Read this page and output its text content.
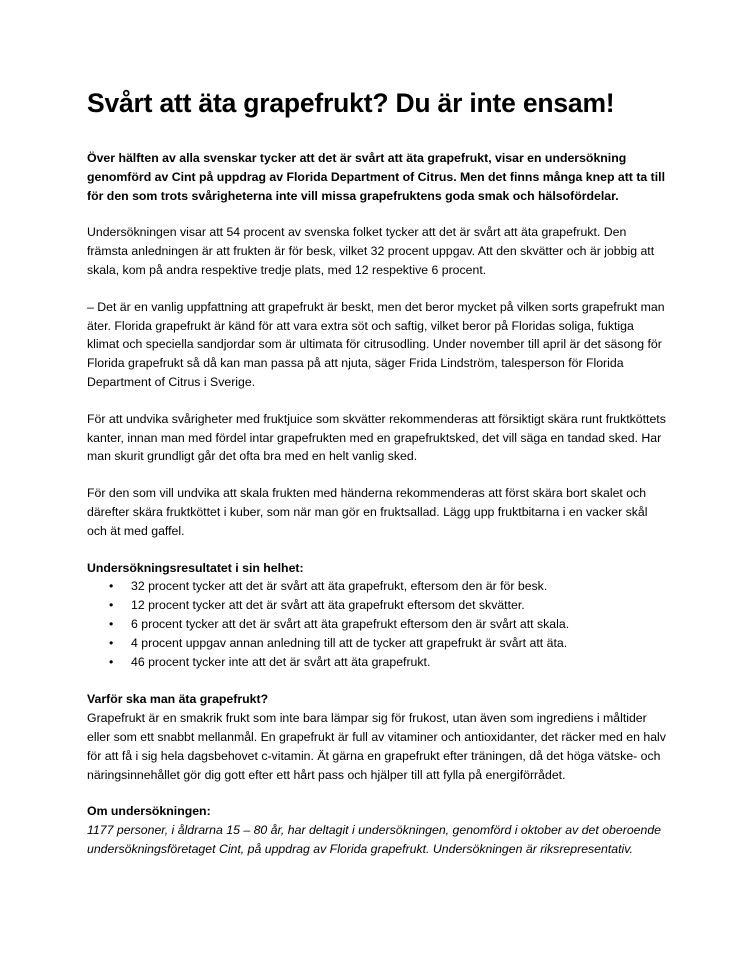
Svårt att äta grapefrukt? Du är inte ensam!

Över hälften av alla svenskar tycker att det är svårt att äta grapefrukt, visar en undersökning genomförd av Cint på uppdrag av Florida Department of Citrus. Men det finns många knep att ta till för den som trots svårigheterna inte vill missa grapefruktens goda smak och hälsofördelar.

Undersökningen visar att 54 procent av svenska folket tycker att det är svårt att äta grapefrukt. Den främsta anledningen är att frukten är för besk, vilket 32 procent uppgav. Att den skvätter och är jobbig att skala, kom på andra respektive tredje plats, med 12 respektive 6 procent.

– Det är en vanlig uppfattning att grapefrukt är beskt, men det beror mycket på vilken sorts grapefrukt man äter. Florida grapefrukt är känd för att vara extra söt och saftig, vilket beror på Floridas soliga, fuktiga klimat och speciella sandjordar som är ultimata för citrusodling. Under november till april är det säsong för Florida grapefrukt så då kan man passa på att njuta, säger Frida Lindström, talesperson för Florida Department of Citrus i Sverige.

För att undvika svårigheter med fruktjuice som skvätter rekommenderas att försiktigt skära runt fruktköttets kanter, innan man med fördel intar grapefrukten med en grapefruktsked, det vill säga en tandad sked. Har man skurit grundligt går det ofta bra med en helt vanlig sked.

För den som vill undvika att skala frukten med händerna rekommenderas att först skära bort skalet och därefter skära fruktköttet i kuber, som när man gör en fruktsallad. Lägg upp fruktbitarna i en vacker skål och ät med gaffel.

Undersökningsresultatet i sin helhet:
• 32 procent tycker att det är svårt att äta grapefrukt, eftersom den är för besk.
• 12 procent tycker att det är svårt att äta grapefrukt eftersom det skvätter.
• 6 procent tycker att det är svårt att äta grapefrukt eftersom den är svårt att skala.
• 4 procent uppgav annan anledning till att de tycker att grapefrukt är svårt att äta.
• 46 procent tycker inte att det är svårt att äta grapefrukt.
Varför ska man äta grapefrukt?

Grapefrukt är en smakrik frukt som inte bara lämpar sig för frukost, utan även som ingrediens i måltider eller som ett snabbt mellanmål. En grapefrukt är full av vitaminer och antioxidanter, det räcker med en halv för att få i sig hela dagsbehovet c-vitamin. Ät gärna en grapefrukt efter träningen, då det höga vätske- och näringsinnehållet gör dig gott efter ett hårt pass och hjälper till att fylla på energiförrådet.

Om undersökningen:

1177 personer, i åldrarna 15 – 80 år, har deltagit i undersökningen, genomförd i oktober av det oberoende undersökningsföretaget Cint, på uppdrag av Florida grapefrukt. Undersökningen är riksrepresentativ.
